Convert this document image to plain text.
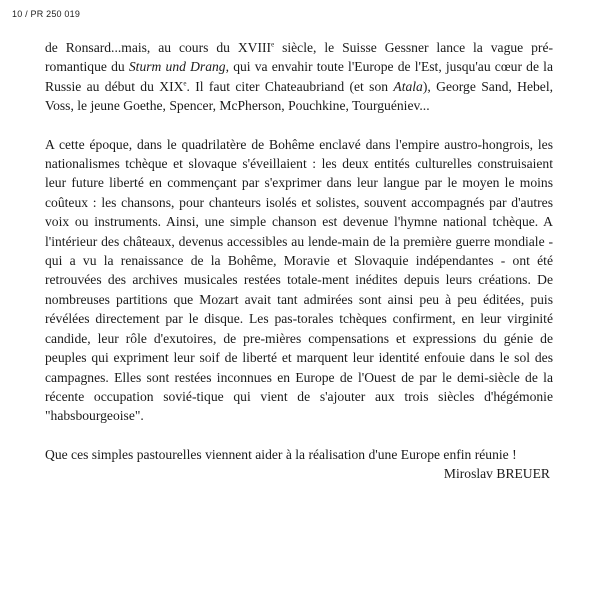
10 / PR 250 019

de Ronsard...mais, au cours du XVIIIe siècle, le Suisse Gessner lance la vague pré-romantique du Sturm und Drang, qui va envahir toute l'Europe de l'Est, jusqu'au cœur de la Russie au début du XIXe. Il faut citer Chateaubriand (et son Atala), George Sand, Hebel, Voss, le jeune Goethe, Spencer, McPherson, Pouchkine, Tourguéniev...

A cette époque, dans le quadrilatère de Bohême enclavé dans l'empire austro-hongrois, les nationalismes tchèque et slovaque s'éveillaient : les deux entités culturelles construisaient leur future liberté en commençant par s'exprimer dans leur langue par le moyen le moins coûteux : les chansons, pour chanteurs isolés et solistes, souvent accompagnés par d'autres voix ou instruments. Ainsi, une simple chanson est devenue l'hymne national tchèque. A l'intérieur des châteaux, devenus accessibles au lende-main de la première guerre mondiale - qui a vu la renaissance de la Bohême, Moravie et Slovaquie indépendantes - ont été retrouvées des archives musicales restées totale-ment inédites depuis leurs créations. De nombreuses partitions que Mozart avait tant admirées sont ainsi peu à peu éditées, puis révélées directement par le disque. Les pas-torales tchèques confirment, en leur virginité candide, leur rôle d'exutoires, de pre-mières compensations et expressions du génie de peuples qui expriment leur soif de liberté et marquent leur identité enfouie dans le sol des campagnes. Elles sont restées inconnues en Europe de l'Ouest de par le demi-siècle de la récente occupation sovié-tique qui vient de s'ajouter aux trois siècles d'hégémonie "habsbourgeoise".

Que ces simples pastourelles viennent aider à la réalisation d'une Europe enfin réunie !

Miroslav BREUER
